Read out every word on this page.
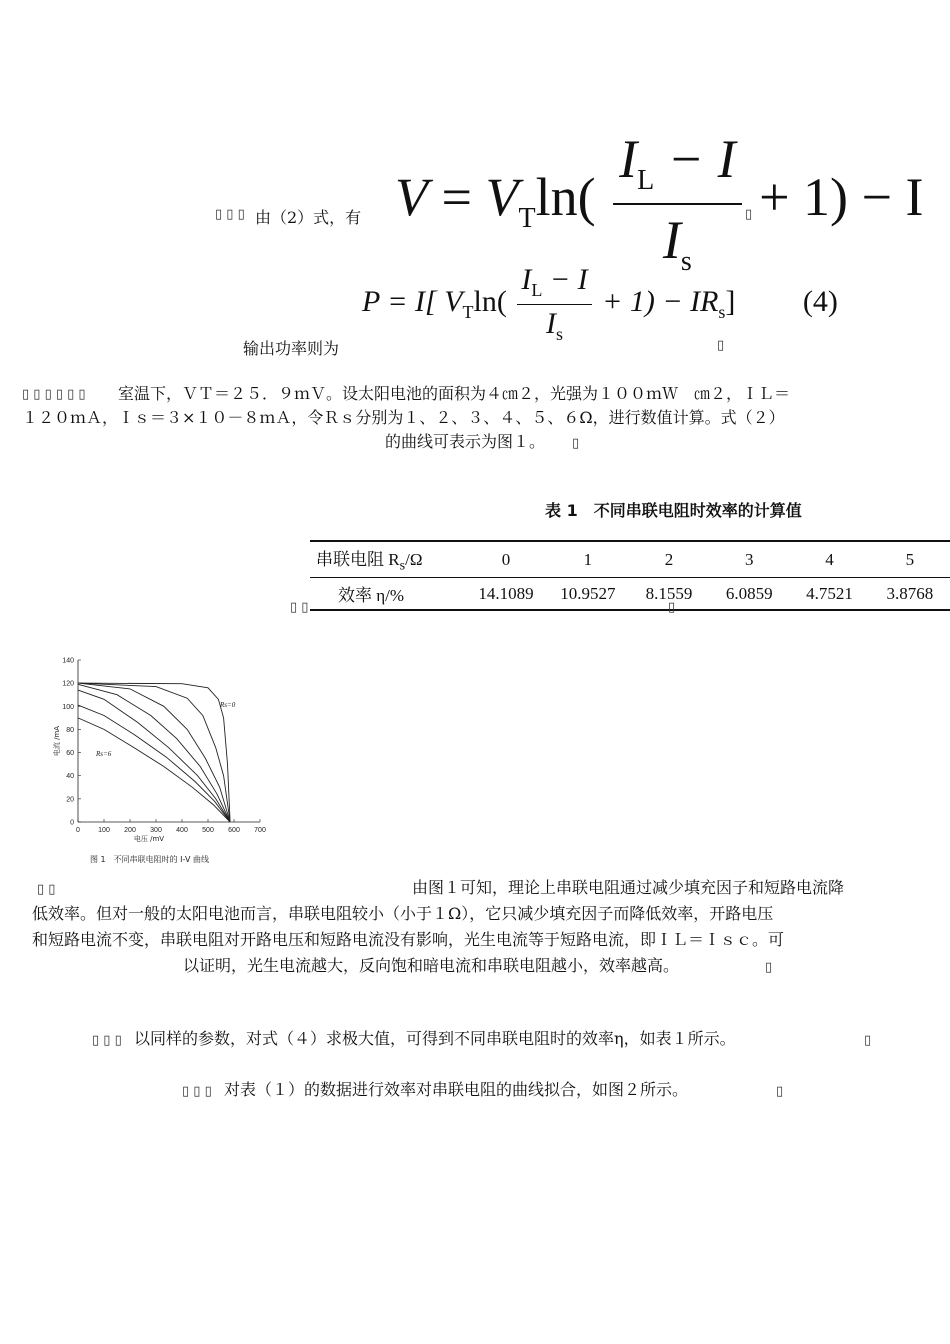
▯ ▯ ▯ 由（2）式，有	▯
$V = V_T\ln( \frac{I_L - I}{I_s} + 1) - I$
输出功率则为	▯
P = I[ $V_T\ln( \frac{I_L - I}{I_s} + 1) - IR_s$] (4)
▯ ▯ ▯ ▯ ▯ ▯ 室温下，ＶＴ＝２５．９ｍＶ。设太阳电池的面积为４㎝２，光强为１００ｍＷ　㎝２，ＩＬ＝
１２０ｍＡ，Ｉｓ＝３×１０－８ｍＡ，令Ｒｓ分别为１、２、３、４、５、６Ω，进行数值计算。式（２）
的曲线可表示为图１。 ▯
表 1　不同串联电阻时效率的计算值
串联电阻 $R_s/\Omega$	0	1	2	3	4	5
效率 η/%	14.1089	10.9527	8.1559	6.0859	4.7521	3.8768
▯ ▯	▯
0	100 200 300 400 500 600 700
0
20
40
60
80
100
120
140
电压 /mV
电流 /mA
Rs=0
Rs=6
图 1　不同串联电阻时的 I-V 曲线
▯ ▯	由图１可知，理论上串联电阻通过减少填充因子和短路电流降
低效率。但对一般的太阳电池而言，串联电阻较小（小于１Ω），它只减少填充因子而降低效率，开路电压
和短路电流不变，串联电阻对开路电压和短路电流没有影响，光生电流等于短路电流，即ＩＬ＝Ｉｓｃ。可
以证明，光生电流越大，反向饱和暗电流和串联电阻越小，效率越高。	▯
▯ ▯ ▯ 以同样的参数，对式（４）求极大值，可得到不同串联电阻时的效率η，如表１所示。	▯
▯ ▯ ▯ 对表（１）的数据进行效率对串联电阻的曲线拟合，如图２所示。	▯
